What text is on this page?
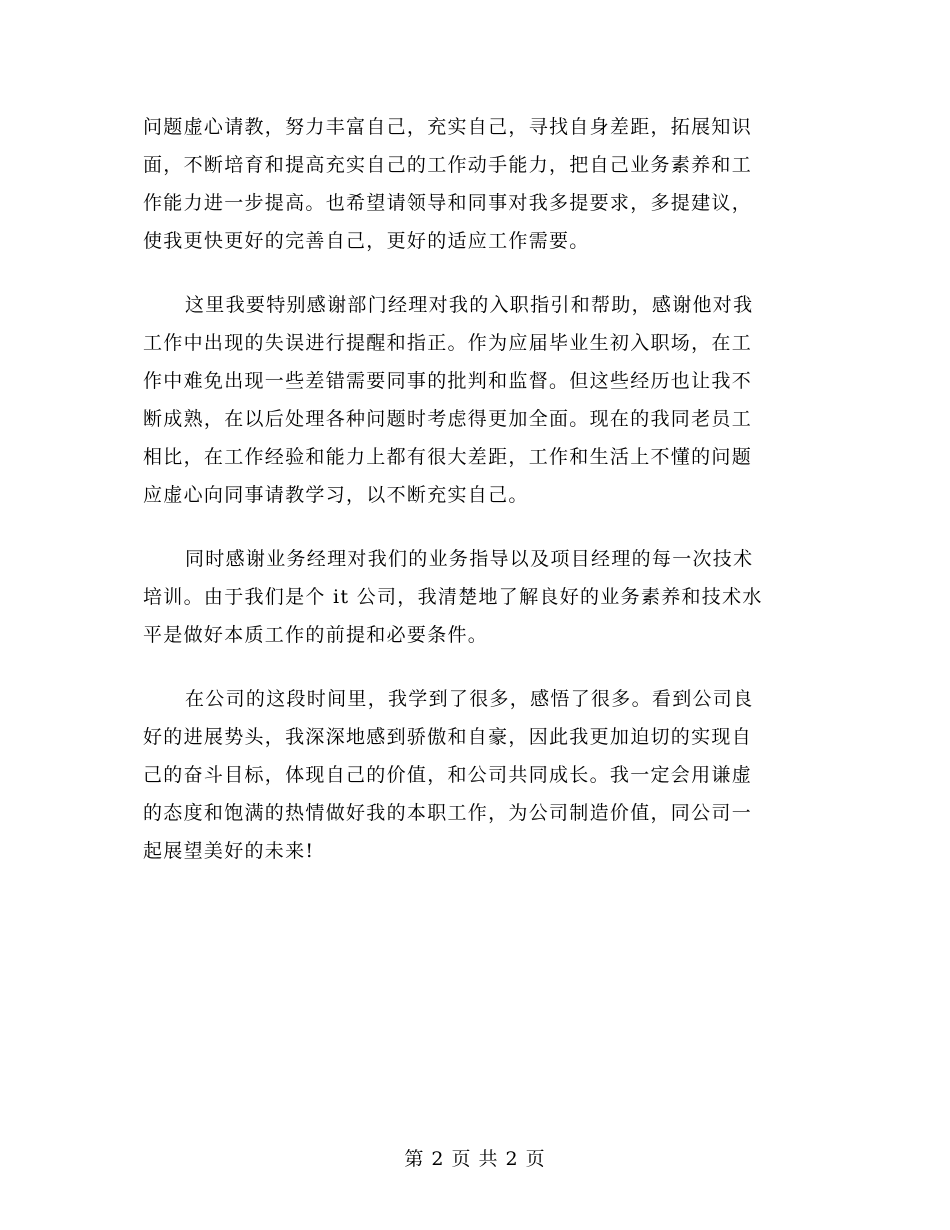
问题虚心请教，努力丰富自己，充实自己，寻找自身差距，拓展知识
面，不断培育和提高充实自己的工作动手能力，把自己业务素养和工
作能力进一步提高。也希望请领导和同事对我多提要求，多提建议，
使我更快更好的完善自己，更好的适应工作需要。
这里我要特别感谢部门经理对我的入职指引和帮助，感谢他对我
工作中出现的失误进行提醒和指正。作为应届毕业生初入职场，在工
作中难免出现一些差错需要同事的批判和监督。但这些经历也让我不
断成熟，在以后处理各种问题时考虑得更加全面。现在的我同老员工
相比，在工作经验和能力上都有很大差距，工作和生活上不懂的问题
应虚心向同事请教学习，以不断充实自己。
同时感谢业务经理对我们的业务指导以及项目经理的每一次技术
培训。由于我们是个 it 公司，我清楚地了解良好的业务素养和技术水
平是做好本质工作的前提和必要条件。
在公司的这段时间里，我学到了很多，感悟了很多。看到公司良
好的进展势头，我深深地感到骄傲和自豪，因此我更加迫切的实现自
己的奋斗目标，体现自己的价值，和公司共同成长。我一定会用谦虚
的态度和饱满的热情做好我的本职工作，为公司制造价值，同公司一
起展望美好的未来!
第 2 页 共 2 页
